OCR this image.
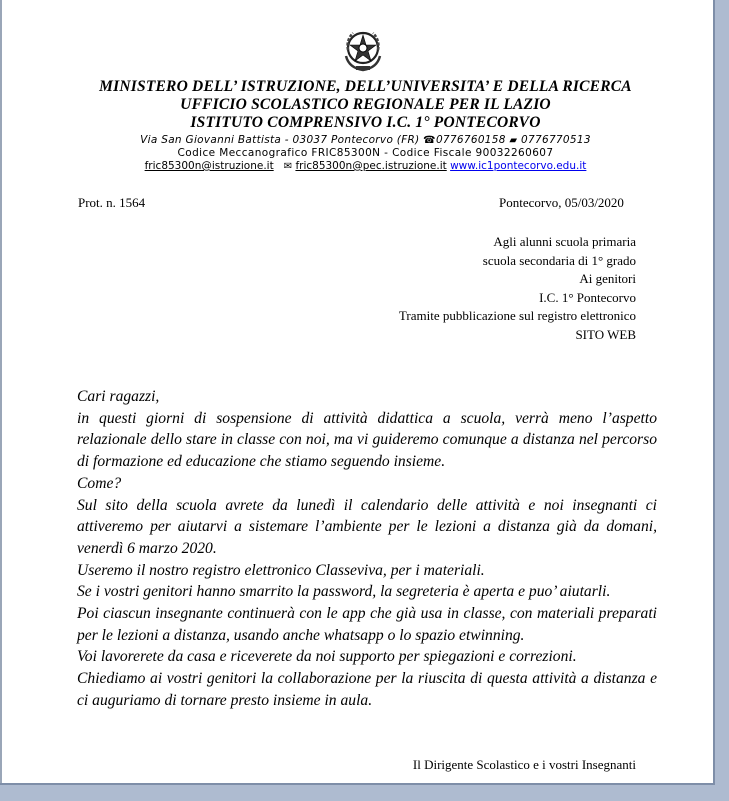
MINISTERO DELL’ ISTRUZIONE, DELL’UNIVERSITA’ E DELLA RICERCA
UFFICIO SCOLASTICO REGIONALE PER IL LAZIO
ISTITUTO COMPRENSIVO I.C. 1° PONTECORVO
Via San Giovanni Battista - 03037 Pontecorvo (FR) ☎0776760158 ▰ 0776770513
Codice Meccanografico FRIC85300N - Codice Fiscale 90032260607
fric85300n@istruzione.it ✉ fric85300n@pec.istruzione.it www.ic1pontecorvo.edu.it
Prot. n. 1564	Pontecorvo, 05/03/2020
Agli alunni scuola primaria
scuola secondaria di 1° grado
Ai genitori
I.C. 1° Pontecorvo
Tramite pubblicazione sul registro elettronico
SITO WEB

Cari ragazzi,

in questi giorni di sospensione di attività didattica a scuola, verrà meno l’aspetto relazionale dello stare in classe con noi, ma vi guideremo comunque a distanza nel percorso di formazione ed educazione che stiamo seguendo insieme.

Come?

Sul sito della scuola avrete da lunedì il calendario delle attività e noi insegnanti ci attiveremo per aiutarvi a sistemare l’ambiente per le lezioni a distanza già da domani, venerdì 6 marzo 2020.

Useremo il nostro registro elettronico Classeviva, per i materiali.

Se i vostri genitori hanno smarrito la password, la segreteria è aperta e puo’ aiutarli.

Poi ciascun insegnante continuerà con le app che già usa in classe, con materiali preparati per le lezioni a distanza, usando anche whatsapp o lo spazio etwinning.

Voi lavorerete da casa e riceverete da noi supporto per spiegazioni e correzioni.

Chiediamo ai vostri genitori la collaborazione per la riuscita di questa attività a distanza e ci auguriamo di tornare presto insieme in aula.

Il Dirigente Scolastico e i vostri Insegnanti
